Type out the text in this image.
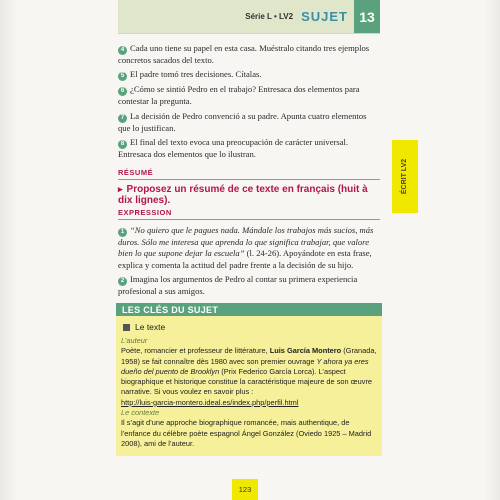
Série L • LV2 SUJET 13
ÉCRIT LV2

4 Cada uno tiene su papel en esta casa. Muéstralo citando tres ejemplos concretos sacados del texto.

5 El padre tomó tres decisiones. Cítalas.

6 ¿Cómo se sintió Pedro en el trabajo? Entresaca dos elementos para contestar la pregunta.

7 La decisión de Pedro convenció a su padre. Apunta cuatro elementos que lo justifican.

8 El final del texto evoca una preocupación de carácter universal. Entresaca dos elementos que lo ilustran.

RÉSUMÉ
▸ Proposez un résumé de ce texte en français (huit à dix lignes).
EXPRESSION

1 “No quiero que le pagues nada. Mándale los trabajos más sucios, más duros. Sólo me interesa que aprenda lo que significa trabajar, que valore bien lo que supone dejar la escuela” (l. 24-26). Apoyándote en esta frase, explica y comenta la actitud del padre frente a la decisión de su hijo.

2 Imagina los argumentos de Pedro al contar su primera experiencia profesional a sus amigos.

LES CLÉS DU SUJET
Le texte

L’auteur

Poète, romancier et professeur de littérature, Luis García Montero (Granada, 1958) se fait connaître dès 1980 avec son premier ouvrage Y ahora ya eres dueño del puento de Brooklyn (Prix Federico García Lorca). L’aspect biographique et historique constitue la caractéristique majeure de son œuvre narrative. Si vous voulez en savoir plus :

http://luis-garcia-montero.ideal.es/index.php/perfil.html

Le contexte

Il s’agit d’une approche biographique romancée, mais authentique, de l’enfance du célèbre poète espagnol Ángel González (Oviedo 1925 – Madrid 2008), ami de l’auteur.

123
